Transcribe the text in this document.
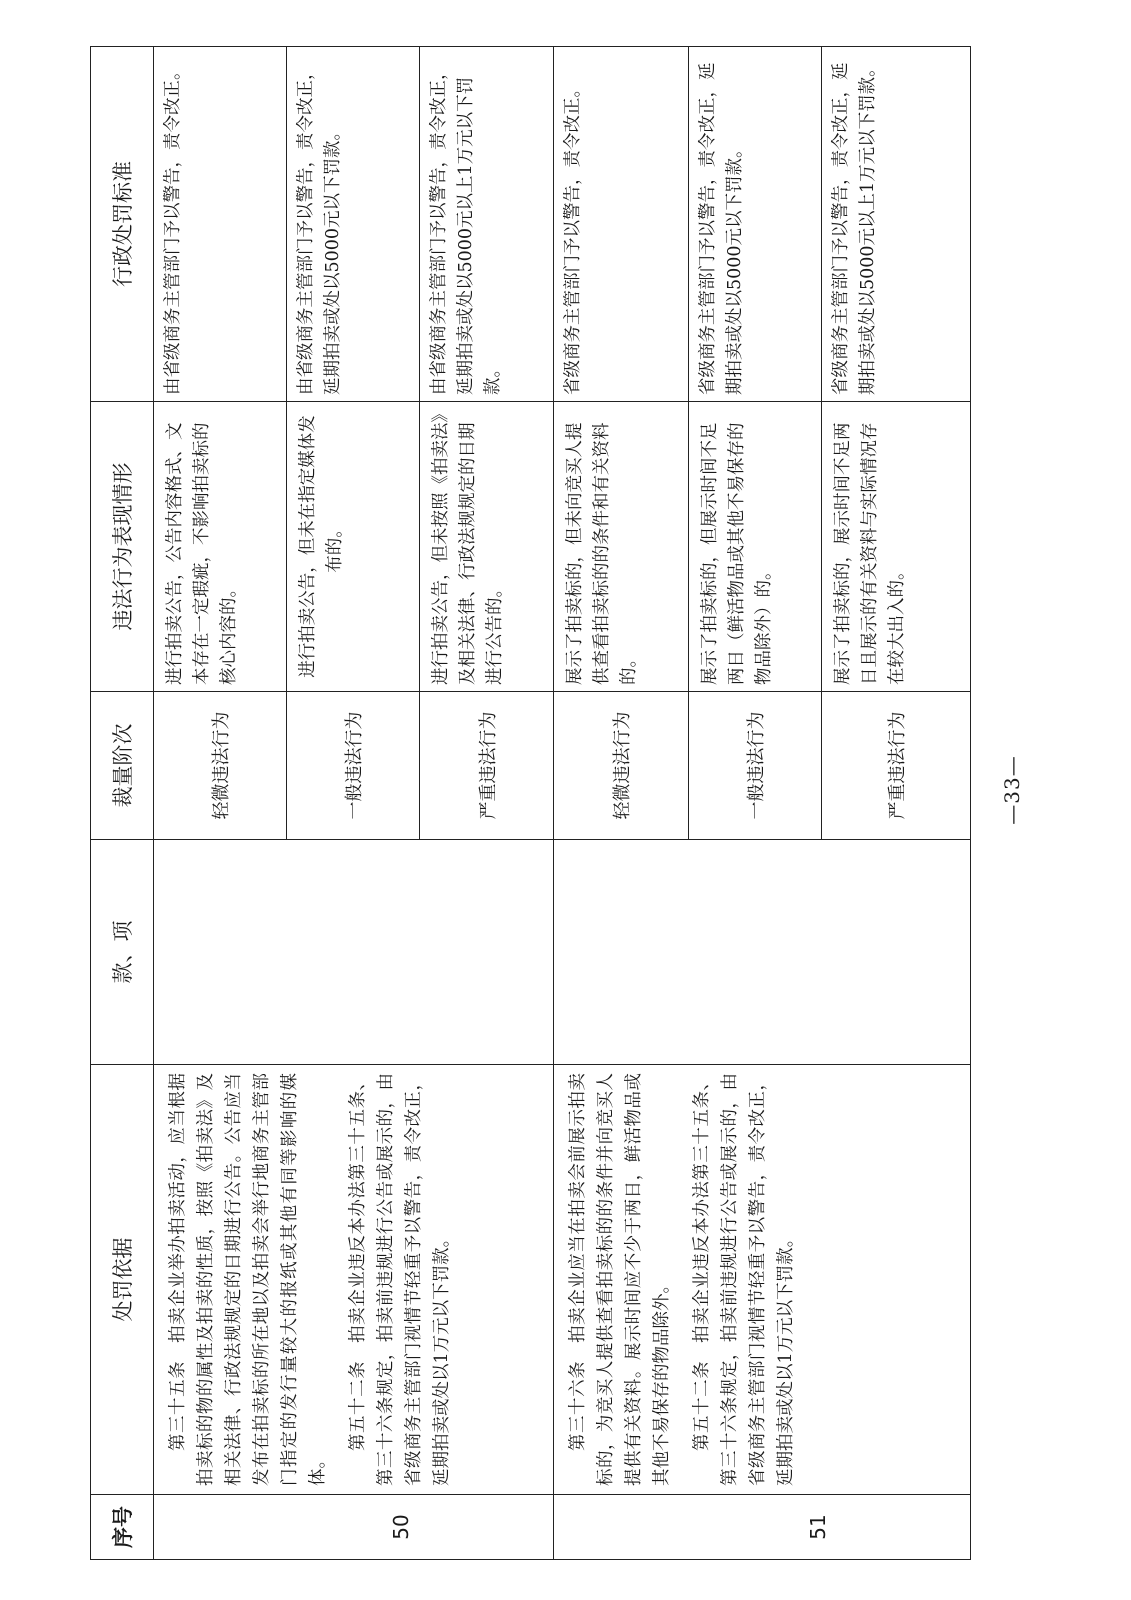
序号	处罚依据	款、项	裁量阶次	违法行为表现情形	行政处罚标准

50	第三十五条　拍卖企业举办拍卖活动，应当根据拍卖标的物的属性及拍卖的性质，按照《拍卖法》及相关法律、行政法规规定的日期进行公告。公告应当发布在拍卖标的所在地以及拍卖会举行地商务主管部门指定的发行量较大的报纸或其他有同等影响的媒体。

第五十二条　拍卖企业违反本办法第三十五条、第三十六条规定，拍卖前违规进行公告或展示的，由省级商务主管部门视情节轻重予以警告，责令改正，延期拍卖或处以1万元以下罚款。		轻微违法行为	进行拍卖公告，公告内容格式、文本存在一定瑕疵，不影响拍卖标的核心内容的。	由省级商务主管部门予以警告，责令改正。
			一般违法行为	进行拍卖公告，但未在指定媒体发布的。	由省级商务主管部门予以警告，责令改正，延期拍卖或处以5000元以下罚款。
			严重违法行为	进行拍卖公告，但未按照《拍卖法》及相关法律、行政法规规定的日期进行公告的。	由省级商务主管部门予以警告，责令改正，延期拍卖或处以5000元以上1万元以下罚款。

51	第三十六条　拍卖企业应当在拍卖会前展示拍卖标的，为竞买人提供查看拍卖标的的条件并向竞买人提供有关资料。展示时间应不少于两日，鲜活物品或其他不易保存的物品除外。 第五十二条　拍卖企业违反本办法第三十五条、第三十六条规定，拍卖前违规进行公告或展示的，由省级商务主管部门视情节轻重予以警告，责令改正，延期拍卖或处以1万元以下罚款。		轻微违法行为	展示了拍卖标的，但未向竞买人提供查看拍卖标的的条件和有关资料的。	省级商务主管部门予以警告，责令改正。
			一般违法行为	展示了拍卖标的，但展示时间不足两日（鲜活物品或其他不易保存的物品除外）的。	省级商务主管部门予以警告，责令改正，延期拍卖或处以5000元以下罚款。
			严重违法行为	展示了拍卖标的，展示时间不足两日且展示的有关资料与实际情况存在较大出入的。	省级商务主管部门予以警告，责令改正，延期拍卖或处以5000元以上1万元以下罚款。
—33—
